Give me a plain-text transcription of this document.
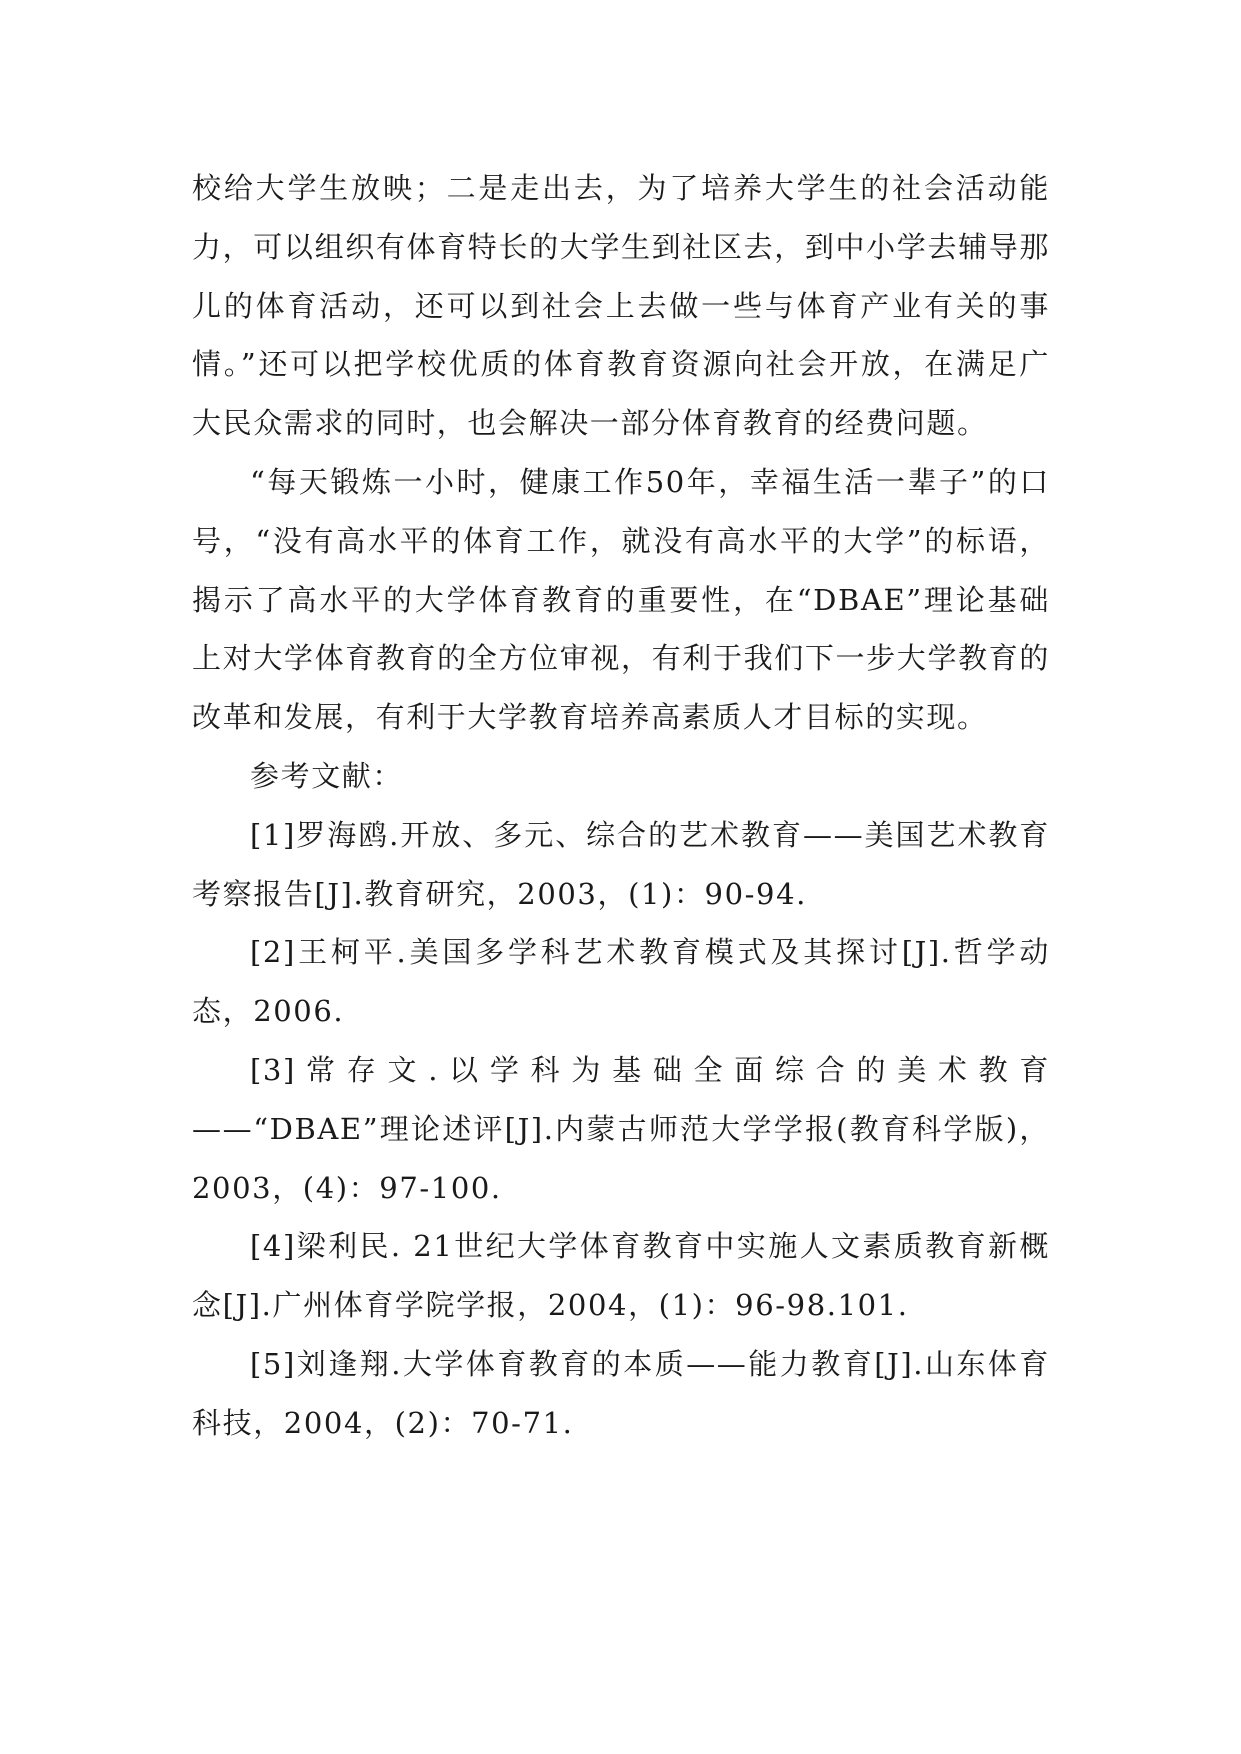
校给大学生放映；二是走出去，为了培养大学生的社会活动能力，可以组织有体育特长的大学生到社区去，到中小学去辅导那儿的体育活动，还可以到社会上去做一些与体育产业有关的事情。”还可以把学校优质的体育教育资源向社会开放，在满足广大民众需求的同时，也会解决一部分体育教育的经费问题。

“每天锻炼一小时，健康工作50年，幸福生活一辈子”的口号，“没有高水平的体育工作，就没有高水平的大学”的标语，揭示了高水平的大学体育教育的重要性，在“DBAE”理论基础上对大学体育教育的全方位审视，有利于我们下一步大学教育的改革和发展，有利于大学教育培养高素质人才目标的实现。

参考文献：

[1]罗海鸥.开放、多元、综合的艺术教育——美国艺术教育考察报告[J].教育研究，2003，(1)：90-94.

[2]王柯平.美国多学科艺术教育模式及其探讨[J].哲学动态，2006.

[3]常存文.以学科为基础全面综合的美术教育——“DBAE”理论述评[J].内蒙古师范大学学报(教育科学版)，2003，(4)：97-100.

[4]梁利民. 21世纪大学体育教育中实施人文素质教育新概念[J].广州体育学院学报，2004，(1)：96-98.101.

[5]刘逢翔.大学体育教育的本质——能力教育[J].山东体育科技，2004，(2)：70-71.
